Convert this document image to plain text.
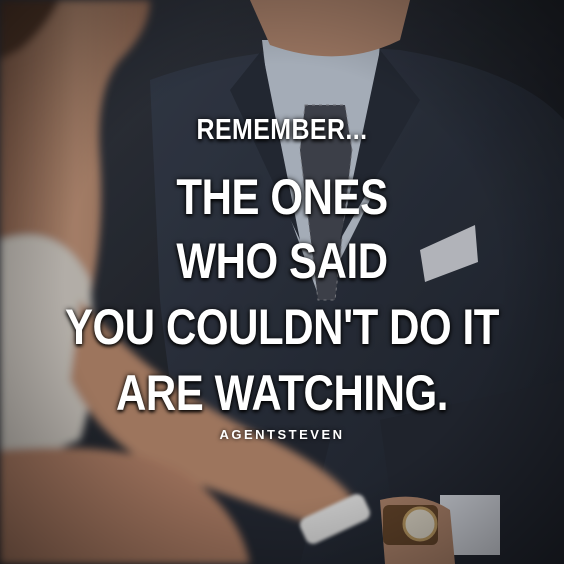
REMEMBER...
THE ONES
WHO SAID
YOU COULDN'T DO IT
ARE WATCHING.
AGENTSTEVEN
